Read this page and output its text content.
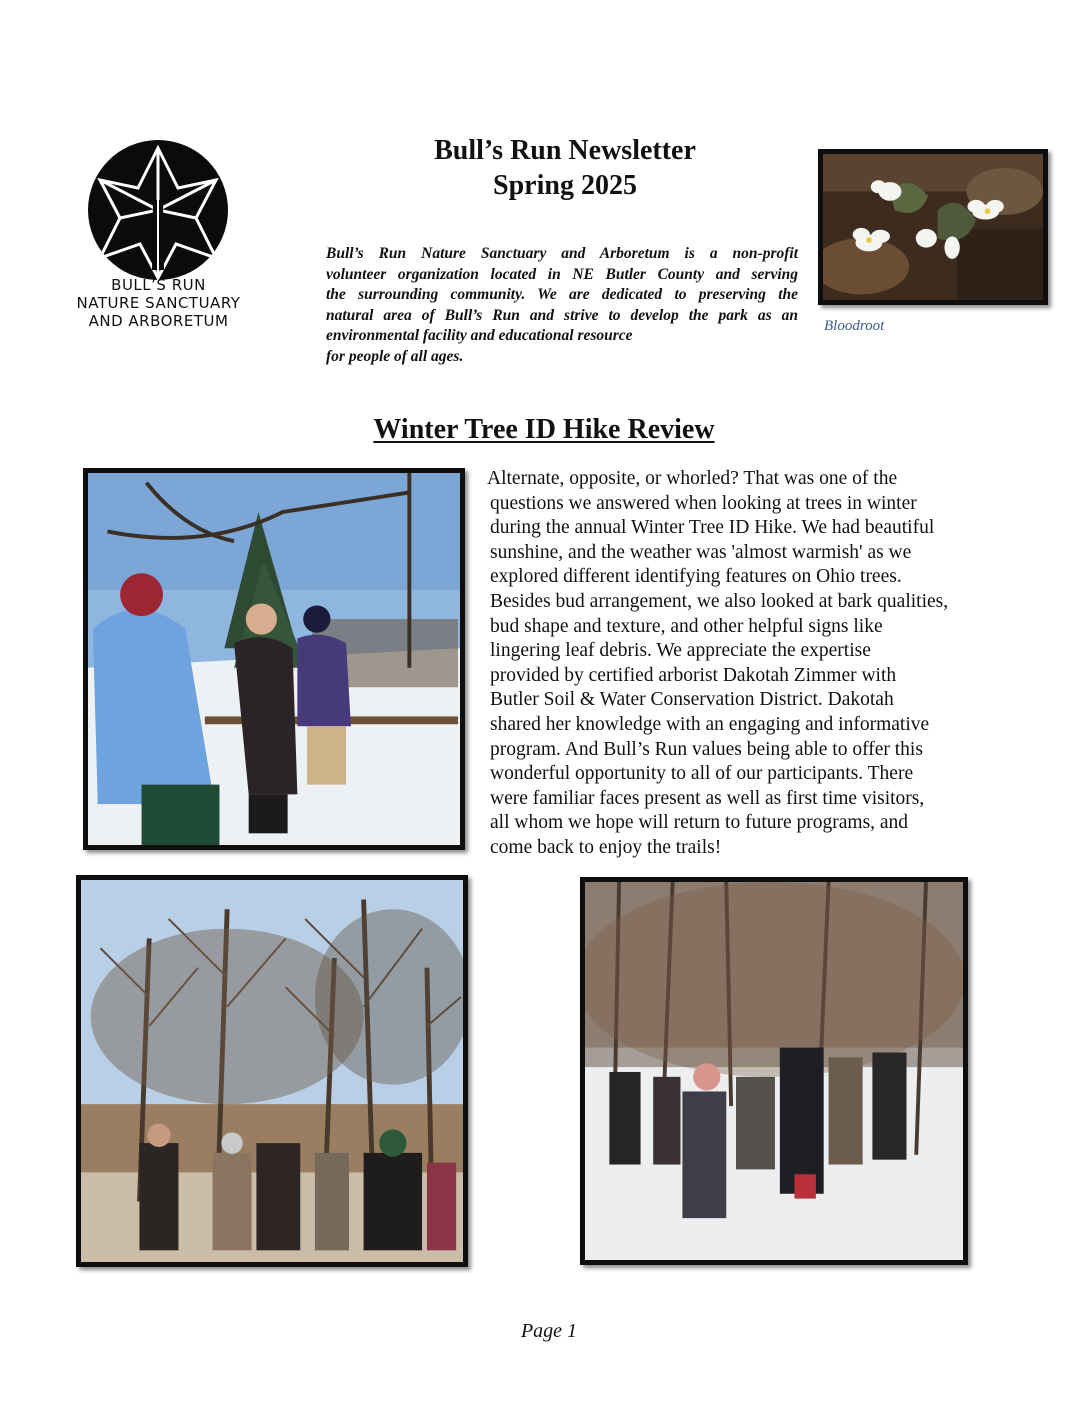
BULL’S RUN
NATURE SANCTUARY
AND ARBORETUM
Bull’s Run Newsletter
Spring 2025
Bull’s Run Nature Sanctuary and Arboretum is a non-profit
volunteer organization located in NE Butler County and serving
the surrounding community. We are dedicated to preserving the
natural area of Bull’s Run and strive to develop the park as an
environmental facility and educational resource
for people of all ages.
Bloodroot
Winter Tree ID Hike Review
Alternate, opposite, or whorled? That was one of the
questions we answered when looking at trees in winter
during the annual Winter Tree ID Hike. We had beautiful
sunshine, and the weather was 'almost warmish' as we
explored different identifying features on Ohio trees.
Besides bud arrangement, we also looked at bark qualities,
bud shape and texture, and other helpful signs like
lingering leaf debris. We appreciate the expertise
provided by certified arborist Dakotah Zimmer with
Butler Soil & Water Conservation District. Dakotah
shared her knowledge with an engaging and informative
program. And Bull’s Run values being able to offer this
wonderful opportunity to all of our participants. There
were familiar faces present as well as first time visitors,
all whom we hope will return to future programs, and
come back to enjoy the trails!
Page 1
